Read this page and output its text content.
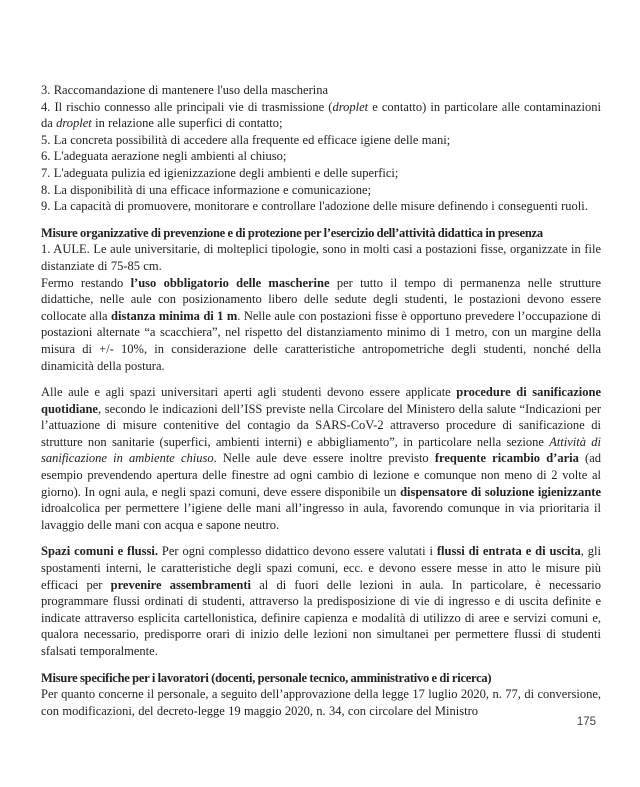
3. Raccomandazione di mantenere l'uso della mascherina

4. Il rischio connesso alle principali vie di trasmissione (droplet e contatto) in particolare alle contaminazioni da droplet in relazione alle superfici di contatto;

5. La concreta possibilità di accedere alla frequente ed efficace igiene delle mani;

6. L'adeguata aerazione negli ambienti al chiuso;

7. L'adeguata pulizia ed igienizzazione degli ambienti e delle superfici;

8. La disponibilità di una efficace informazione e comunicazione;

9. La capacità di promuovere, monitorare e controllare l'adozione delle misure definendo i conseguenti ruoli.

Misure organizzative di prevenzione e di protezione per l’esercizio dell’attività didattica in presenza

1. AULE. Le aule universitarie, di molteplici tipologie, sono in molti casi a postazioni fisse, organizzate in file distanziate di 75-85 cm.

Fermo restando l’uso obbligatorio delle mascherine per tutto il tempo di permanenza nelle strutture didattiche, nelle aule con posizionamento libero delle sedute degli studenti, le postazioni devono essere collocate alla distanza minima di 1 m. Nelle aule con postazioni fisse è opportuno prevedere l’occupazione di postazioni alternate “a scacchiera”, nel rispetto del distanziamento minimo di 1 metro, con un margine della misura di +/- 10%, in considerazione delle caratteristiche antropometriche degli studenti, nonché della dinamicità della postura.

Alle aule e agli spazi universitari aperti agli studenti devono essere applicate procedure di sanificazione quotidiane, secondo le indicazioni dell’ISS previste nella Circolare del Ministero della salute “Indicazioni per l’attuazione di misure contenitive del contagio da SARS-CoV-2 attraverso procedure di sanificazione di strutture non sanitarie (superfici, ambienti interni) e abbigliamento”, in particolare nella sezione Attività di sanificazione in ambiente chiuso. Nelle aule deve essere inoltre previsto frequente ricambio d’aria (ad esempio prevendendo apertura delle finestre ad ogni cambio di lezione e comunque non meno di 2 volte al giorno). In ogni aula, e negli spazi comuni, deve essere disponibile un dispensatore di soluzione igienizzante idroalcolica per permettere l’igiene delle mani all’ingresso in aula, favorendo comunque in via prioritaria il lavaggio delle mani con acqua e sapone neutro.

Spazi comuni e flussi. Per ogni complesso didattico devono essere valutati i flussi di entrata e di uscita, gli spostamenti interni, le caratteristiche degli spazi comuni, ecc. e devono essere messe in atto le misure più efficaci per prevenire assembramenti al di fuori delle lezioni in aula. In particolare, è necessario programmare flussi ordinati di studenti, attraverso la predisposizione di vie di ingresso e di uscita definite e indicate attraverso esplicita cartellonistica, definire capienza e modalità di utilizzo di aree e servizi comuni e, qualora necessario, predisporre orari di inizio delle lezioni non simultanei per permettere flussi di studenti sfalsati temporalmente.

Misure specifiche per i lavoratori (docenti, personale tecnico, amministrativo e di ricerca)

Per quanto concerne il personale, a seguito dell’approvazione della legge 17 luglio 2020, n. 77, di conversione, con modificazioni, del decreto-legge 19 maggio 2020, n. 34, con circolare del Ministro

175
